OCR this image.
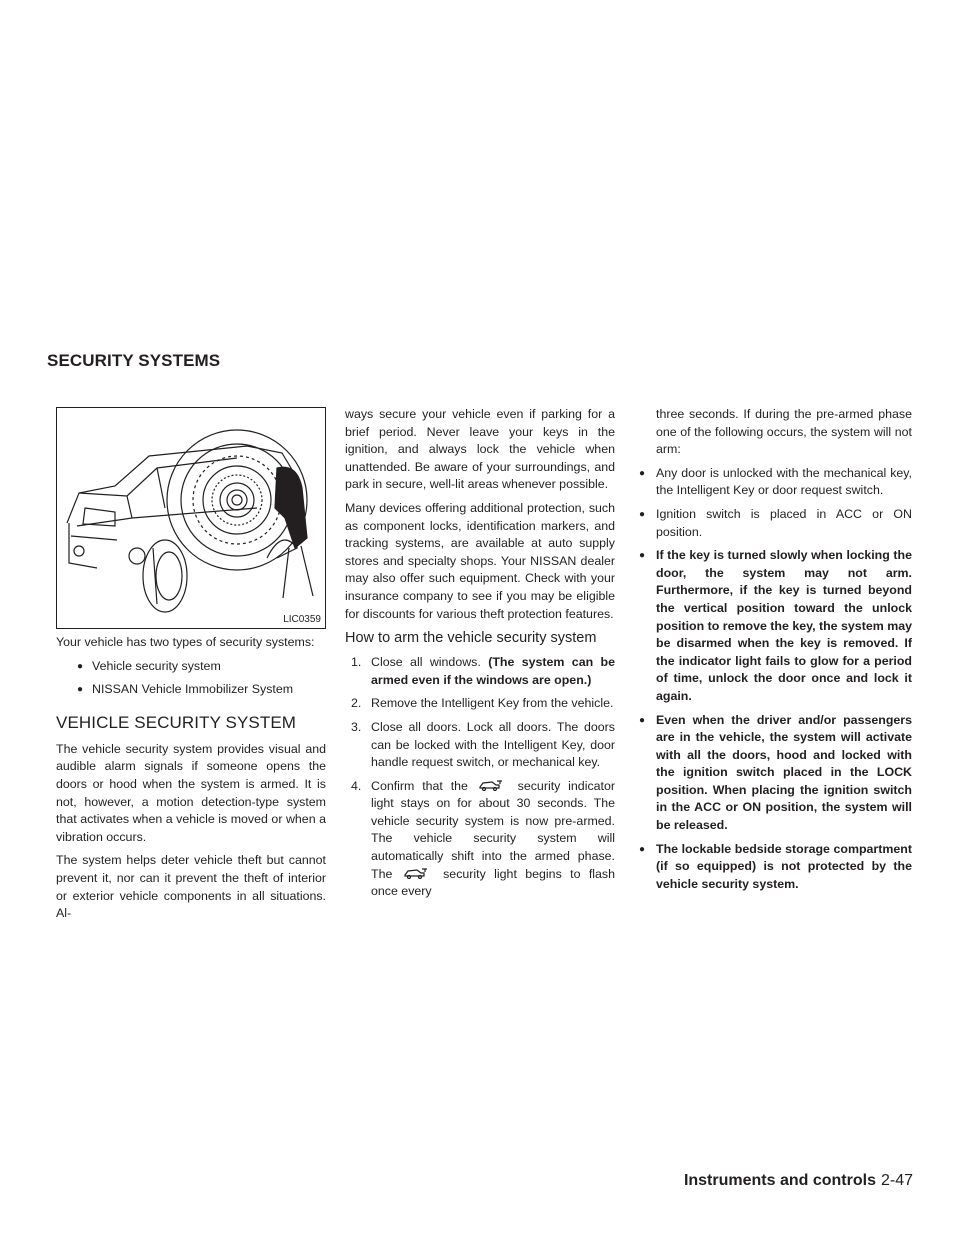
SECURITY SYSTEMS
LIC0359

Your vehicle has two types of security systems:

● Vehicle security system

● NISSAN Vehicle Immobilizer System

VEHICLE SECURITY SYSTEM

The vehicle security system provides visual and audible alarm signals if someone opens the doors or hood when the system is armed. It is not, however, a motion detection-type system that activates when a vehicle is moved or when a vibration occurs.

The system helps deter vehicle theft but cannot prevent it, nor can it prevent the theft of interior or exterior vehicle components in all situations. Al-

ways secure your vehicle even if parking for a brief period. Never leave your keys in the ignition, and always lock the vehicle when unattended. Be aware of your surroundings, and park in secure, well-lit areas whenever possible.

Many devices offering additional protection, such as component locks, identification markers, and tracking systems, are available at auto supply stores and specialty shops. Your NISSAN dealer may also offer such equipment. Check with your insurance company to see if you may be eligible for discounts for various theft protection features.

How to arm the vehicle security system
1. Close all windows. (The system can be armed even if the windows are open.)
2. Remove the Intelligent Key from the vehicle.
3. Close all doors. Lock all doors. The doors can be locked with the Intelligent Key, door handle request switch, or mechanical key.
4. Confirm that the	security indicator light stays on for about 30 seconds. The vehicle security system is now pre-armed. The vehicle security system will automatically shift into the armed phase. The	security light begins to flash once every

three seconds. If during the pre-armed phase one of the following occurs, the system will not arm:

● Any door is unlocked with the mechanical key, the Intelligent Key or door request switch.

● Ignition switch is placed in ACC or ON position.

● If the key is turned slowly when locking the door, the system may not arm. Furthermore, if the key is turned beyond the vertical position toward the unlock position to remove the key, the system may be disarmed when the key is removed. If the indicator light fails to glow for a period of time, unlock the door once and lock it again.

● Even when the driver and/or passengers are in the vehicle, the system will activate with all the doors, hood and locked with the ignition switch placed in the LOCK position. When placing the ignition switch in the ACC or ON position, the system will be released.

● The lockable bedside storage compartment (if so equipped) is not protected by the vehicle security system.

Instruments and controls 2-47
